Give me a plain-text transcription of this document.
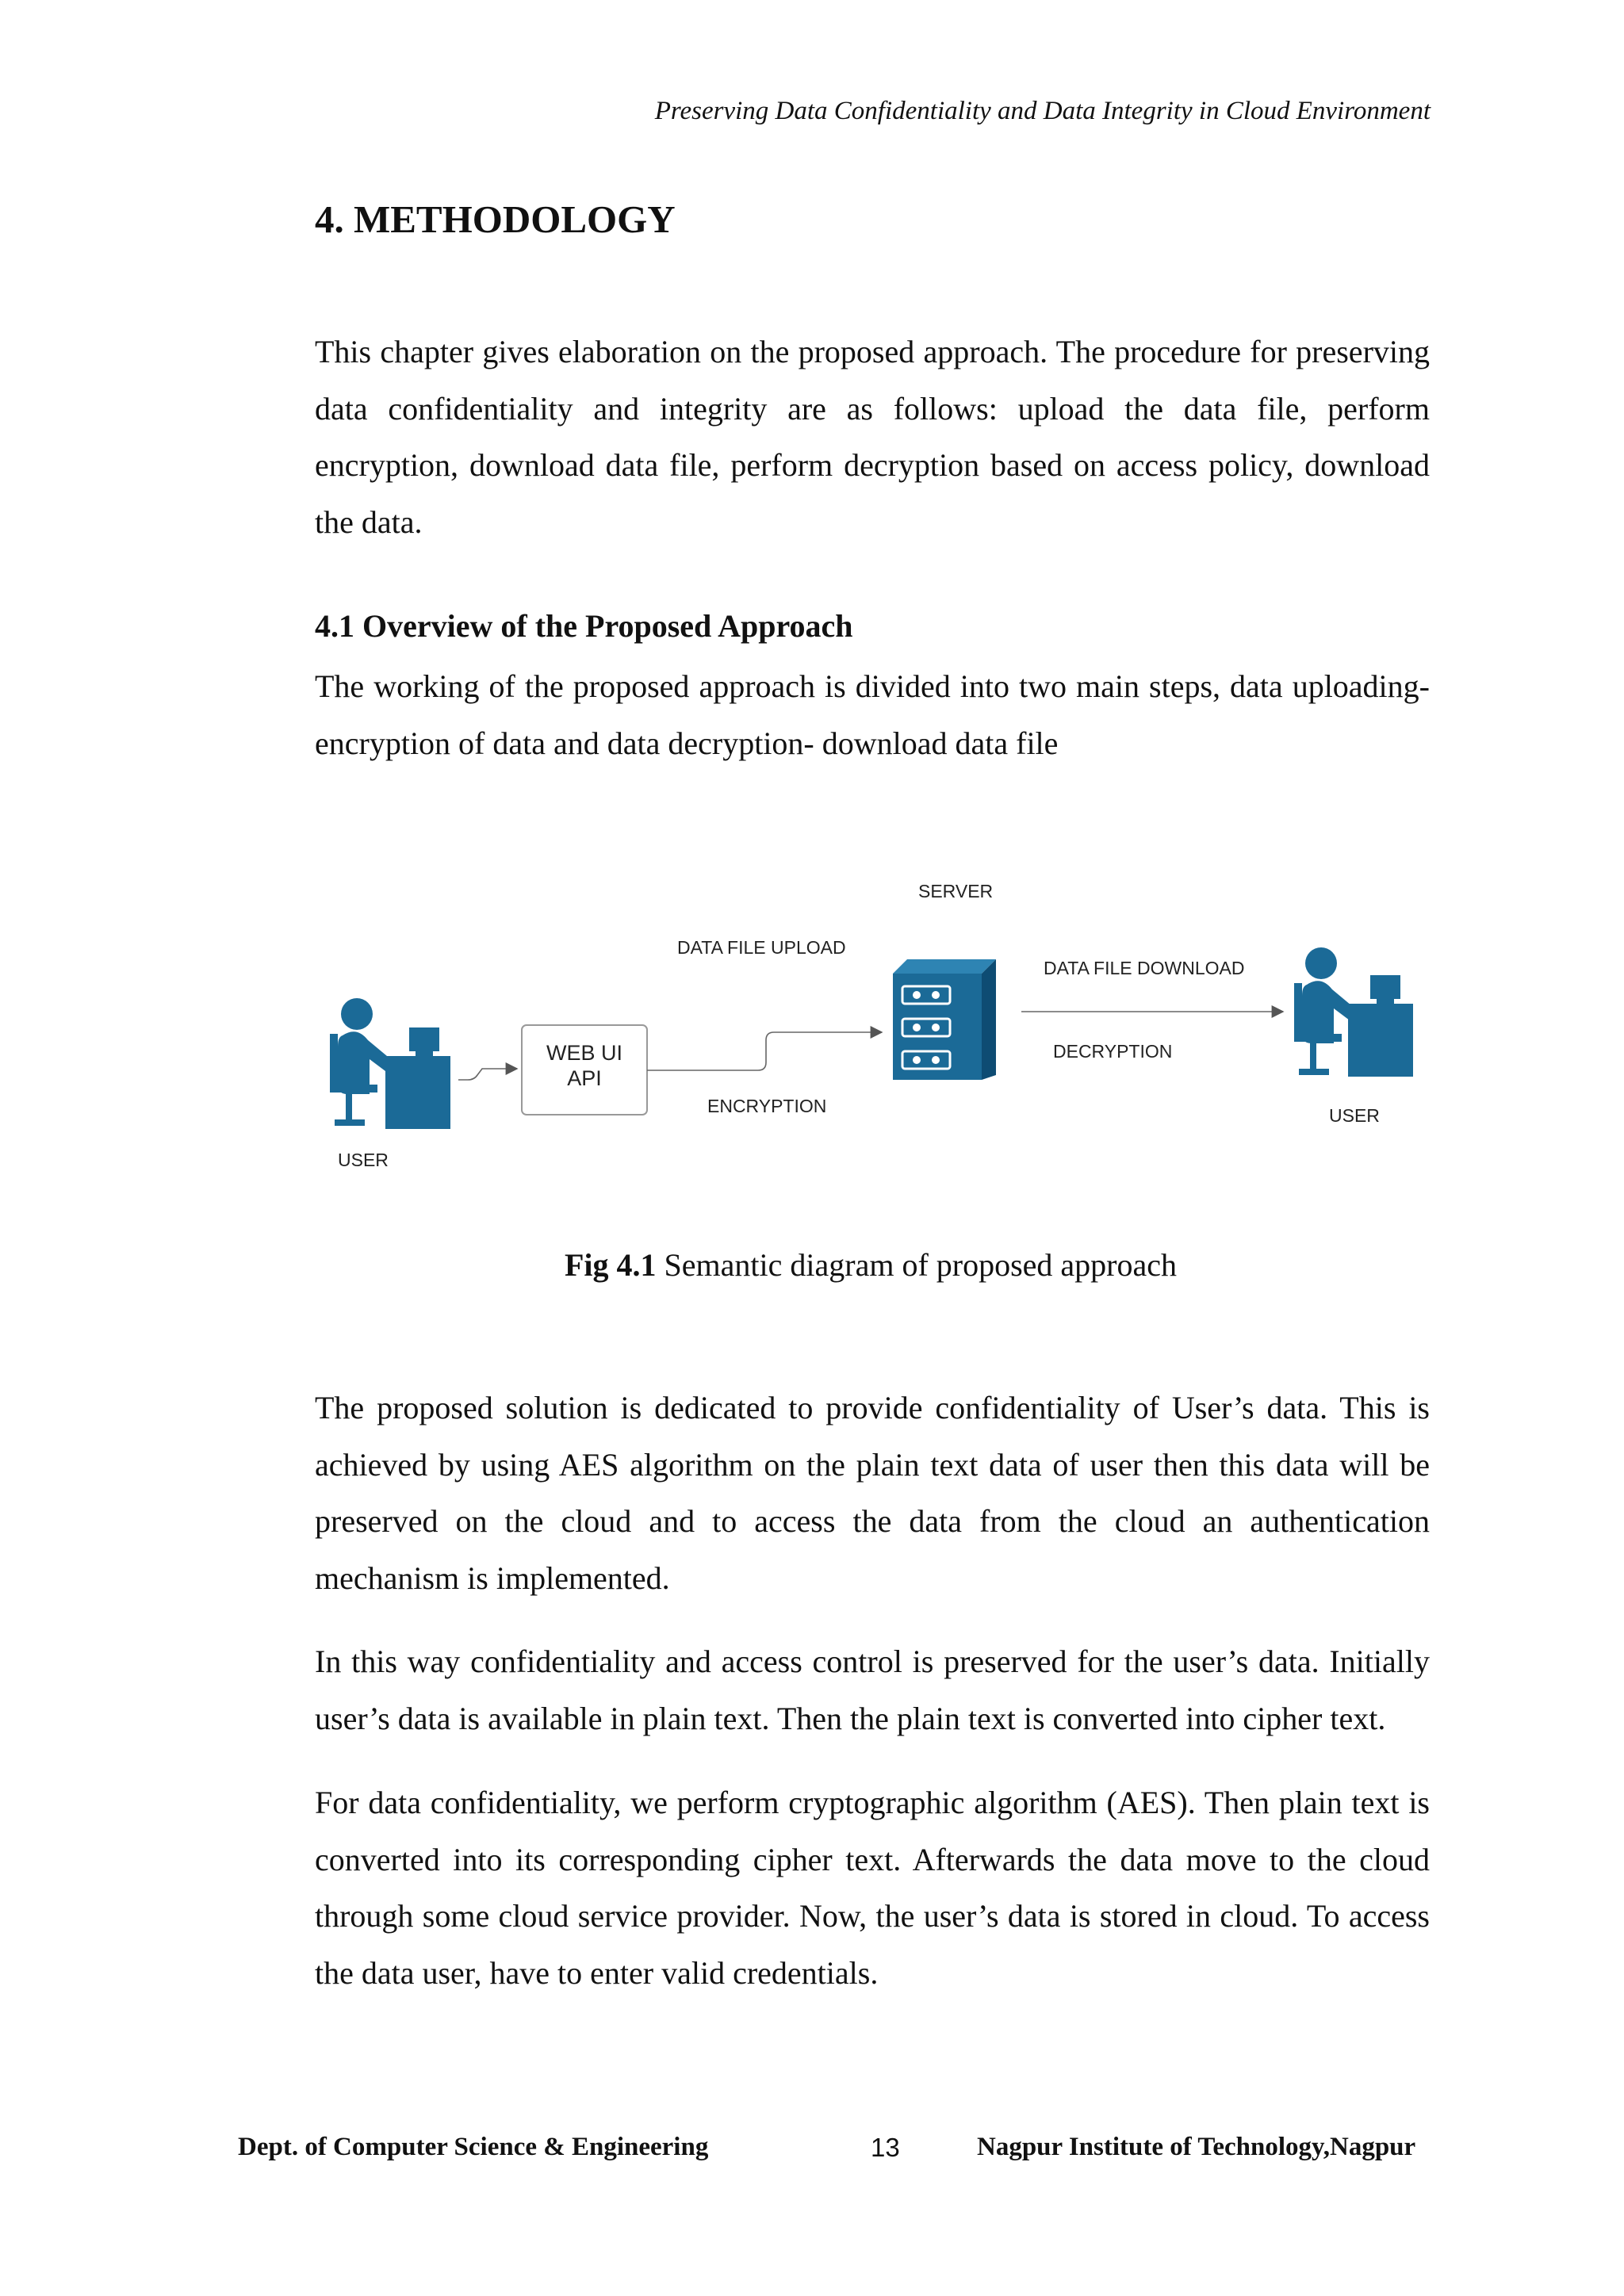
Preserving Data Confidentiality and Data Integrity in Cloud Environment
4. METHODOLOGY

This chapter gives elaboration on the proposed approach. The procedure for preserving data confidentiality and integrity are as follows: upload the data file, perform encryption, download data file, perform decryption based on access policy, download the data.

4.1 Overview of the Proposed Approach

The working of the proposed approach is divided into two main steps, data uploading-encryption of data and data decryption- download data file

SERVER
DATA FILE UPLOAD
DATA FILE DOWNLOAD
WEB UI
API
DECRYPTION
ENCRYPTION	USER
USER
Fig 4.1 Semantic diagram of proposed approach

The proposed solution is dedicated to provide confidentiality of User’s data. This is achieved by using AES algorithm on the plain text data of user then this data will be preserved on the cloud and to access the data from the cloud an authentication mechanism is implemented.

In this way confidentiality and access control is preserved for the user’s data. Initially user’s data is available in plain text. Then the plain text is converted into cipher text.

For data confidentiality, we perform cryptographic algorithm (AES). Then plain text is converted into its corresponding cipher text. Afterwards the data move to the cloud through some cloud service provider. Now, the user’s data is stored in cloud. To access the data user, have to enter valid credentials.

Dept. of Computer Science & Engineering	13	Nagpur Institute of Technology,Nagpur
